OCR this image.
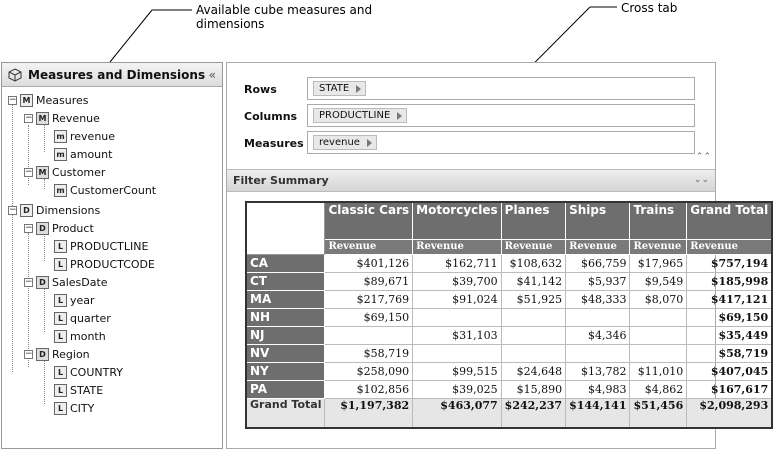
Available cube measures and dimensions
Cross tab
Measures and Dimensions «
− M Measures
− M Revenue
m revenue
m amount
− M Customer
m CustomerCount
− D Dimensions
− D Product
L PRODUCTLINE
L PRODUCTCODE
− D SalesDate
L year
L quarter
L month
− D Region
L COUNTRY
L STATE
L CITY
Rows	STATE
Columns	PRODUCTLINE
Measures	revenue
⌃⌃
Filter Summary	⌄⌄
	Classic Cars	Motorcycles	Planes	Ships	Trains	Grand Total
	Revenue	Revenue	Revenue	Revenue	Revenue	Revenue
CA	$401,126	$162,711	$108,632	$66,759	$17,965	$757,194
CT	$89,671	$39,700	$41,142	$5,937	$9,549	$185,998
MA	$217,769	$91,024	$51,925	$48,333	$8,070	$417,121
NH	$69,150					$69,150
NJ		$31,103		$4,346		$35,449
NV	$58,719					$58,719
NY	$258,090	$99,515	$24,648	$13,782	$11,010	$407,045
PA	$102,856	$39,025	$15,890	$4,983	$4,862	$167,617
Grand Total	$1,197,382	$463,077	$242,237	$144,141	$51,456	$2,098,293
